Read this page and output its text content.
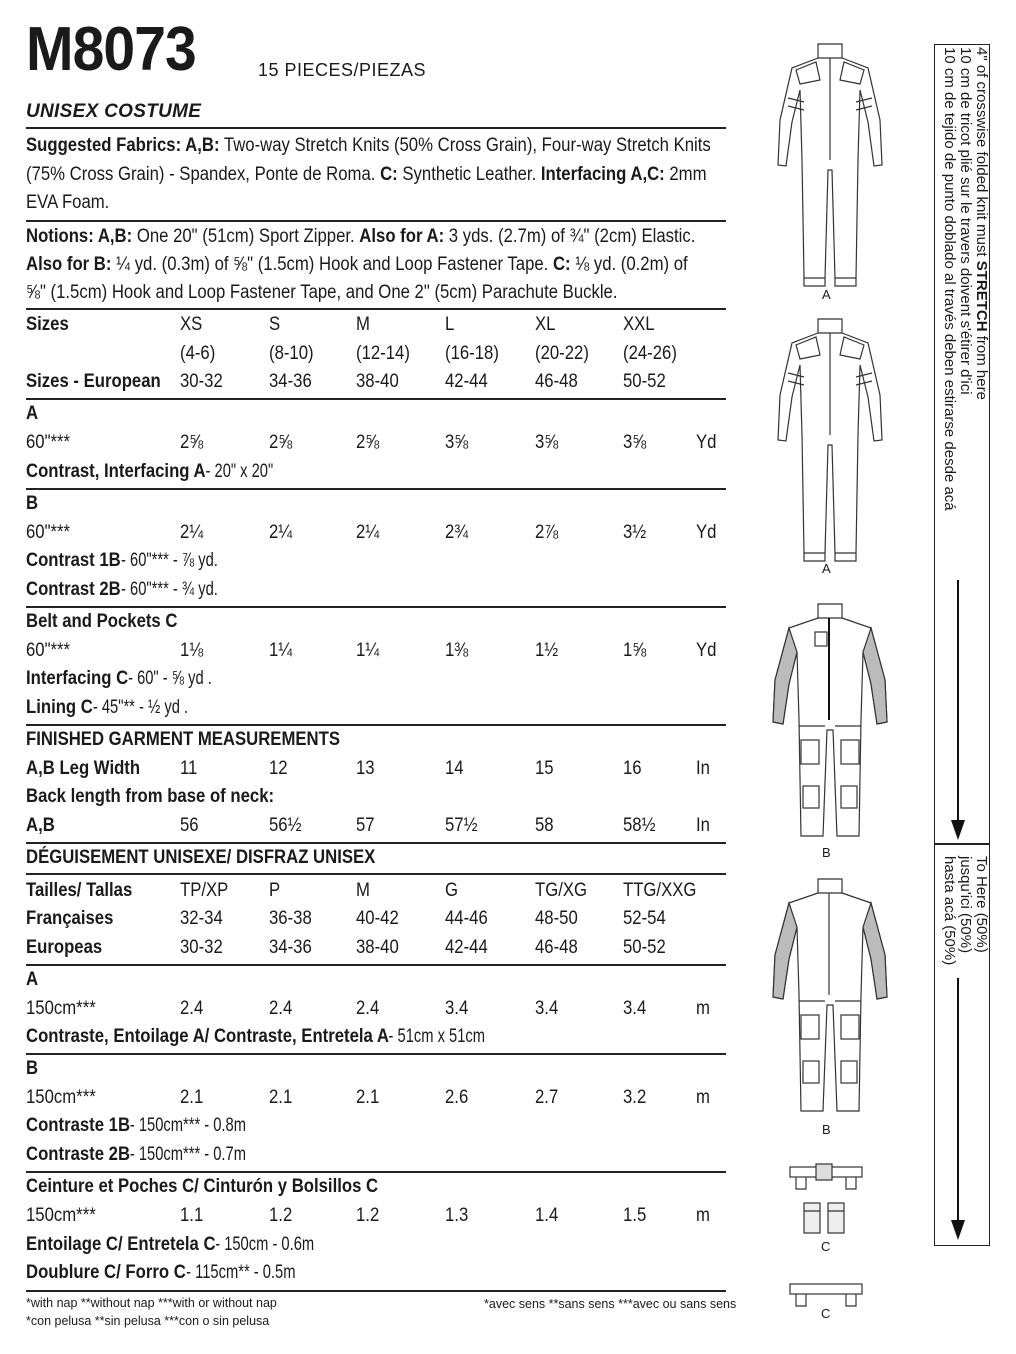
M8073	15 PIECES/PIEZAS
UNISEX COSTUME
Suggested Fabrics: A,B: Two-way Stretch Knits (50% Cross Grain), Four-way Stretch Knits
(75% Cross Grain) - Spandex, Ponte de Roma. C: Synthetic Leather. Interfacing A,C: 2mm
EVA Foam.
Notions: A,B: One 20" (51cm) Sport Zipper. Also for A: 3 yds. (2.7m) of ¾" (2cm) Elastic.
Also for B: ¼ yd. (0.3m) of ⅝" (1.5cm) Hook and Loop Fastener Tape. C: ⅛ yd. (0.2m) of
⅝" (1.5cm) Hook and Loop Fastener Tape, and One 2" (5cm) Parachute Buckle.
Sizes	XS	S	M	L	XL	XXL
(4-6)	(8-10) (12-14) (16-18) (20-22) (24-26)
Sizes - European 30-32 34-36 38-40 42-44 46-48 50-52
A
60"***	2⅝	2⅝	2⅝	3⅝	3⅝	3⅝	Yd
Contrast, Interfacing A - 20" x 20"
B
60"***	2¼	2¼	2¼	2¾	2⅞	3½	Yd
Contrast 1B - 60"*** - ⅞ yd.
Contrast 2B - 60"*** - ¾ yd.
Belt and Pockets C
60"***	1⅛	1¼	1¼	1⅜	1½	1⅝	Yd
Interfacing C - 60" - ⅝ yd .
Lining C - 45"** - ½ yd .
FINISHED GARMENT MEASUREMENTS
A,B Leg Width 11	12	13	14	15	16	In
Back length from base of neck:
A,B	56	56½	57	57½	58	58½ In
DÉGUISEMENT UNISEXE/ DISFRAZ UNISEX
Tailles/ Tallas	TP/XP P	M	G	TG/XG TTG/XXG
Françaises	32-34 36-38 40-42 44-46 48-50 52-54
Europeas	30-32 34-36 38-40 42-44 46-48 50-52
A
150cm***	2.4	2.4	2.4	3.4	3.4	3.4	m
Contraste, Entoilage A/ Contraste, Entretela A - 51cm x 51cm
B
150cm***	2.1	2.1	2.1	2.6	2.7	3.2	m
Contraste 1B - 150cm*** - 0.8m
Contraste 2B - 150cm*** - 0.7m
Ceinture et Poches C/ Cinturón y Bolsillos C
150cm***	1.1	1.2	1.2	1.3	1.4	1.5	m
Entoilage C/ Entretela C - 150cm - 0.6m
Doublure C/ Forro C - 115cm** - 0.5m
*with nap **without nap ***with or without nap
*con pelusa **sin pelusa ***con o sin pelusa
*avec sens **sans sens ***avec ou sans sens
A
A
B
B
C
C
4" of crosswise folded knit must STRETCH from here
10 cm de tricot plié sur le travers doivent s'étirer d'ici
10 cm de tejido de punto doblado al través deben estirarse desde acá
To Here (50%)
jusqu'ici (50%)
hasta acá (50%)
